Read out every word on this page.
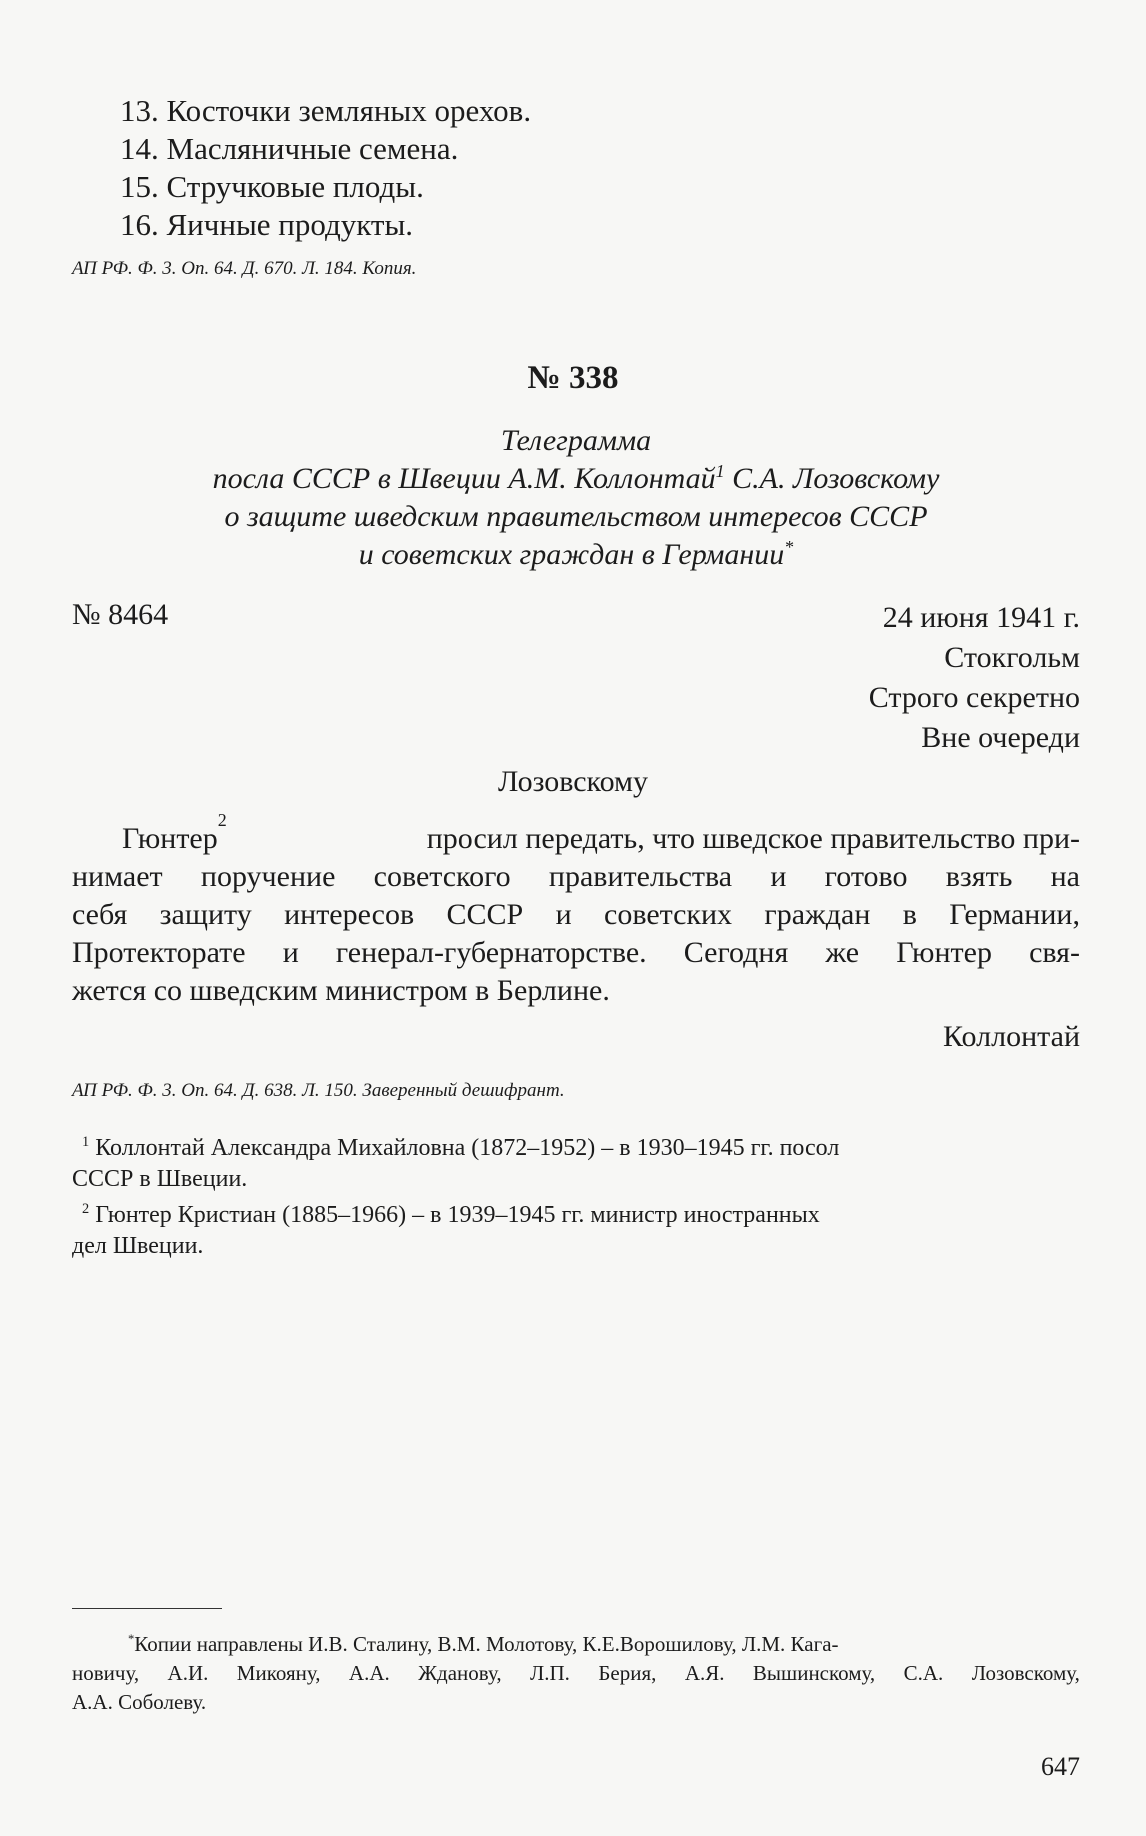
13. Косточки земляных орехов.
14. Масляничные семена.
15. Стручковые плоды.
16. Яичные продукты.
АП РФ. Ф. 3. Оп. 64. Д. 670. Л. 184. Копия.
№ 338
Телеграмма
посла СССР в Швеции А.М. Коллонтай$^1$ С.А. Лозовскому
о защите шведским правительством интересов СССР
и советских граждан в Германии*
№ 8464	24 июня 1941 г.
Стокгольм
Строго секретно
Вне очереди
Лозовскому
Гюнтер
2
просил передать, что шведское правительство при-
нимает поручение советского правительства и готово взять на
себя защиту интересов СССР и советских граждан в Германии,
Протекторате и генерал-губернаторстве. Сегодня же Гюнтер свя-
жется со шведским министром в Берлине.
Коллонтай
АП РФ. Ф. 3. Оп. 64. Д. 638. Л. 150. Заверенный дешифрант.
$^1$ Коллонтай Александра Михайловна (1872–1952) – в 1930–1945 гг. посол
СССР в Швеции.
$^2$ Гюнтер Кристиан (1885–1966) – в 1939–1945 гг. министр иностранных
дел Швеции.
*Копии направлены И.В. Сталину, В.М. Молотову, К.Е.Ворошилову, Л.М. Кага-
новичу, А.И. Микояну, А.А. Жданову, Л.П. Берия, А.Я. Вышинскому, С.А. Лозовскому,
А.А. Соболеву.
647
